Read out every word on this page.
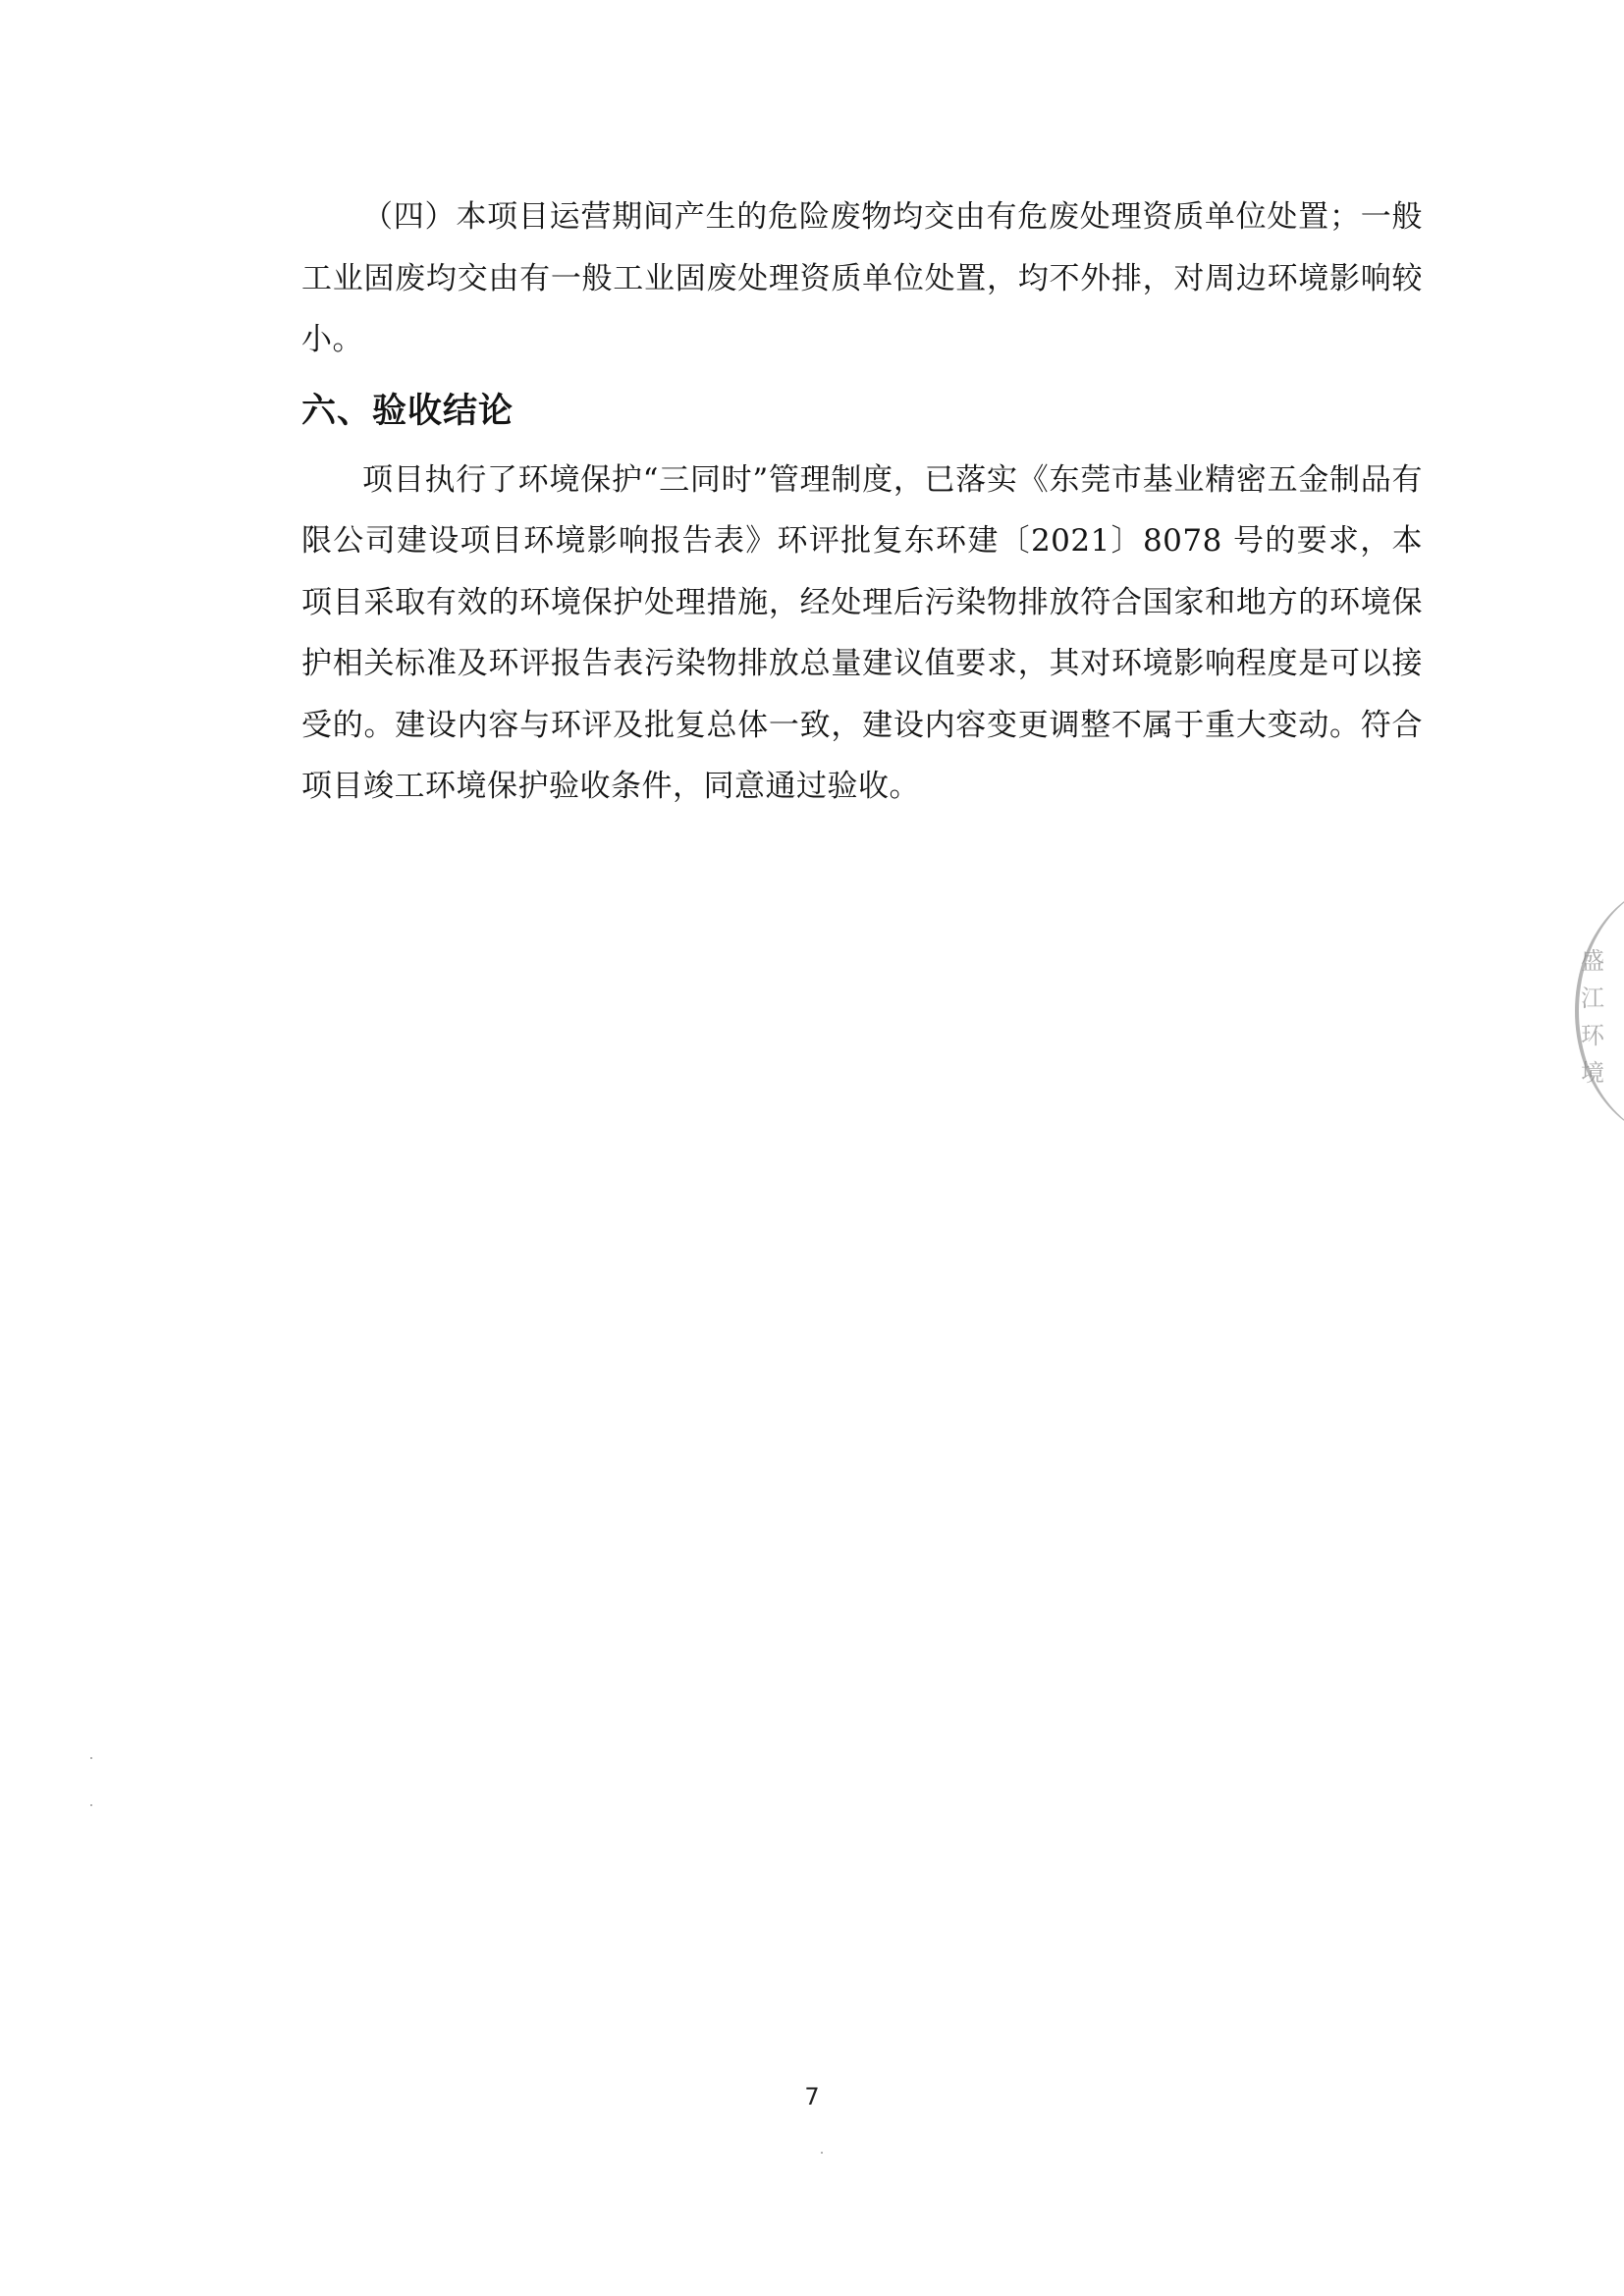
（四）本项目运营期间产生的危险废物均交由有危废处理资质单位处置；一般工业固废均交由有一般工业固废处理资质单位处置，均不外排，对周边环境影响较小。

六、验收结论

项目执行了环境保护“三同时”管理制度，已落实《东莞市基业精密五金制品有限公司建设项目环境影响报告表》环评批复东环建〔2021〕8078 号的要求，本项目采取有效的环境保护处理措施，经处理后污染物排放符合国家和地方的环境保护相关标准及环评报告表污染物排放总量建议值要求，其对环境影响程度是可以接受的。建设内容与环评及批复总体一致，建设内容变更调整不属于重大变动。符合项目竣工环境保护验收条件，同意通过验收。

盛江环境
7
